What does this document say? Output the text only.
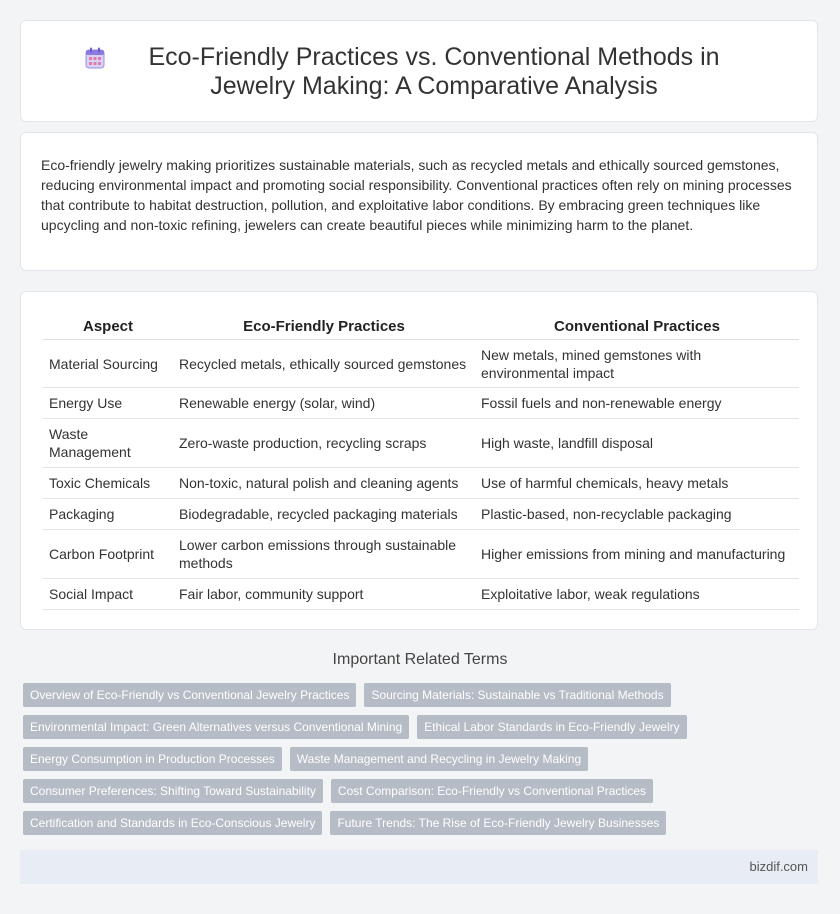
Eco-Friendly Practices vs. Conventional Methods in Jewelry Making: A Comparative Analysis

Eco-friendly jewelry making prioritizes sustainable materials, such as recycled metals and ethically sourced gemstones, reducing environmental impact and promoting social responsibility. Conventional practices often rely on mining processes that contribute to habitat destruction, pollution, and exploitative labor conditions. By embracing green techniques like upcycling and non-toxic refining, jewelers can create beautiful pieces while minimizing harm to the planet.

Aspect	Eco-Friendly Practices	Conventional Practices
Material Sourcing	Recycled metals, ethically sourced gemstones	New metals, mined gemstones with environmental impact
Energy Use	Renewable energy (solar, wind)	Fossil fuels and non-renewable energy
Waste Management	Zero-waste production, recycling scraps	High waste, landfill disposal
Toxic Chemicals	Non-toxic, natural polish and cleaning agents	Use of harmful chemicals, heavy metals
Packaging	Biodegradable, recycled packaging materials	Plastic-based, non-recyclable packaging
Carbon Footprint	Lower carbon emissions through sustainable methods	Higher emissions from mining and manufacturing
Social Impact	Fair labor, community support	Exploitative labor, weak regulations
Important Related Terms
Overview of Eco-Friendly vs Conventional Jewelry Practices	Sourcing Materials: Sustainable vs Traditional Methods
Environmental Impact: Green Alternatives versus Conventional Mining	Ethical Labor Standards in Eco-Friendly Jewelry
Energy Consumption in Production Processes	Waste Management and Recycling in Jewelry Making
Consumer Preferences: Shifting Toward Sustainability	Cost Comparison: Eco-Friendly vs Conventional Practices
Certification and Standards in Eco-Conscious Jewelry	Future Trends: The Rise of Eco-Friendly Jewelry Businesses
bizdif.com
